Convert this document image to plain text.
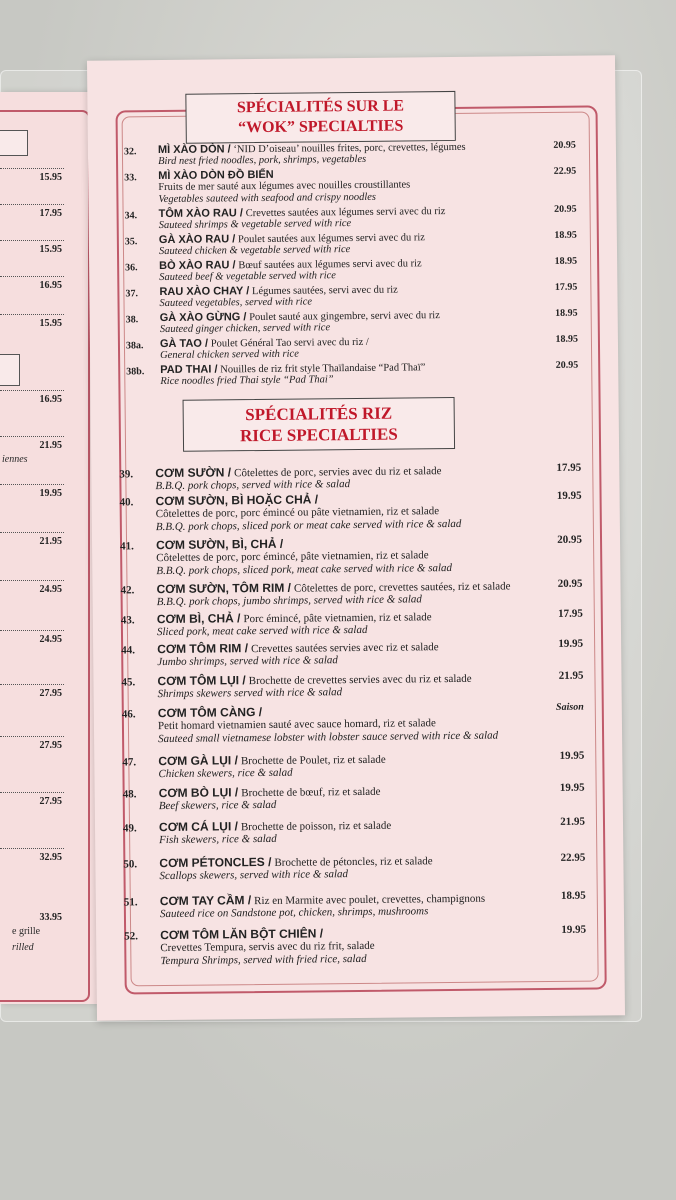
15.95
17.95
15.95
16.95
15.95
16.95
21.95
iennes
19.95
21.95
24.95
24.95
27.95
27.95
27.95
32.95
33.95
e grille
rilled
SPÉCIALITÉS SUR LE
“WOK” SPECIALTIES
32.	MÌ XÀO DÒN / ‘NID D’oiseau’ nouilles frites, porc, crevettes, légumes	20.95
Bird nest fried noodles, pork, shrimps, vegetables
33.	MÌ XÀO DÒN ĐỒ BIỂN	22.95
Fruits de mer sauté aux légumes avec nouilles croustillantes
Vegetables sauteed with seafood and crispy noodles
34.	TÔM XÀO RAU / Crevettes sautées aux légumes servi avec du riz	20.95
Sauteed shrimps & vegetable served with rice
35.	GÀ XÀO RAU / Poulet sautées aux légumes servi avec du riz	18.95
Sauteed chicken & vegetable served with rice
36.	BÒ XÀO RAU / Bœuf sautées aux légumes servi avec du riz	18.95
Sauteed beef & vegetable served with rice
37.	RAU XÀO CHAY / Légumes sautées, servi avec du riz	17.95
Sauteed vegetables, served with rice
38.	GÀ XÀO GỪNG / Poulet sauté aux gingembre, servi avec du riz	18.95
Sauteed ginger chicken, served with rice
38a.	GÀ TAO / Poulet Général Tao servi avec du riz /	18.95
General chicken served with rice
38b.	PAD THAI / Nouilles de riz frit style Thaïlandaise “Pad Thaï”	20.95
Rice noodles fried Thai style “Pad Thai”
SPÉCIALITÉS RIZ
RICE SPECIALTIES
39.	CƠM SƯỜN / Côtelettes de porc, servies avec du riz et salade	17.95
B.B.Q. pork chops, served with rice & salad
40.	CƠM SƯỜN, BÌ HOẶC CHẢ /	19.95
Côtelettes de porc, porc émincé ou pâte vietnamien, riz et salade
B.B.Q. pork chops, sliced pork or meat cake served with rice & salad
41.	CƠM SƯỜN, BÌ, CHẢ /	20.95
Côtelettes de porc, porc émincé, pâte vietnamien, riz et salade
B.B.Q. pork chops, sliced pork, meat cake served with rice & salad
42.	CƠM SƯỜN, TÔM RIM / Côtelettes de porc, crevettes sautées, riz et salade	20.95
B.B.Q. pork chops, jumbo shrimps, served with rice & salad
43.	CƠM BÌ, CHẢ / Porc émincé, pâte vietnamien, riz et salade	17.95
Sliced pork, meat cake served with rice & salad
44.	CƠM TÔM RIM / Crevettes sautées servies avec riz et salade	19.95
Jumbo shrimps, served with rice & salad
45.	CƠM TÔM LỤI / Brochette de crevettes servies avec du riz et salade	21.95
Shrimps skewers served with rice & salad
46.	CƠM TÔM CÀNG /	Saison
Petit homard vietnamien sauté avec sauce homard, riz et salade
Sauteed small vietnamese lobster with lobster sauce served with rice & salad
47.	CƠM GÀ LỤI / Brochette de Poulet, riz et salade	19.95
Chicken skewers, rice & salad
48.	CƠM BÒ LỤI / Brochette de bœuf, riz et salade	19.95
Beef skewers, rice & salad
49.	CƠM CÁ LỤI / Brochette de poisson, riz et salade	21.95
Fish skewers, rice & salad
50.	CƠM PÉTONCLES / Brochette de pétoncles, riz et salade	22.95
Scallops skewers, served with rice & salad
51.	CƠM TAY CẦM / Riz en Marmite avec poulet, crevettes, champignons	18.95
Sauteed rice on Sandstone pot, chicken, shrimps, mushrooms
52.	CƠM TÔM LĂN BỘT CHIÊN /	19.95
Crevettes Tempura, servis avec du riz frit, salade
Tempura Shrimps, served with fried rice, salad
